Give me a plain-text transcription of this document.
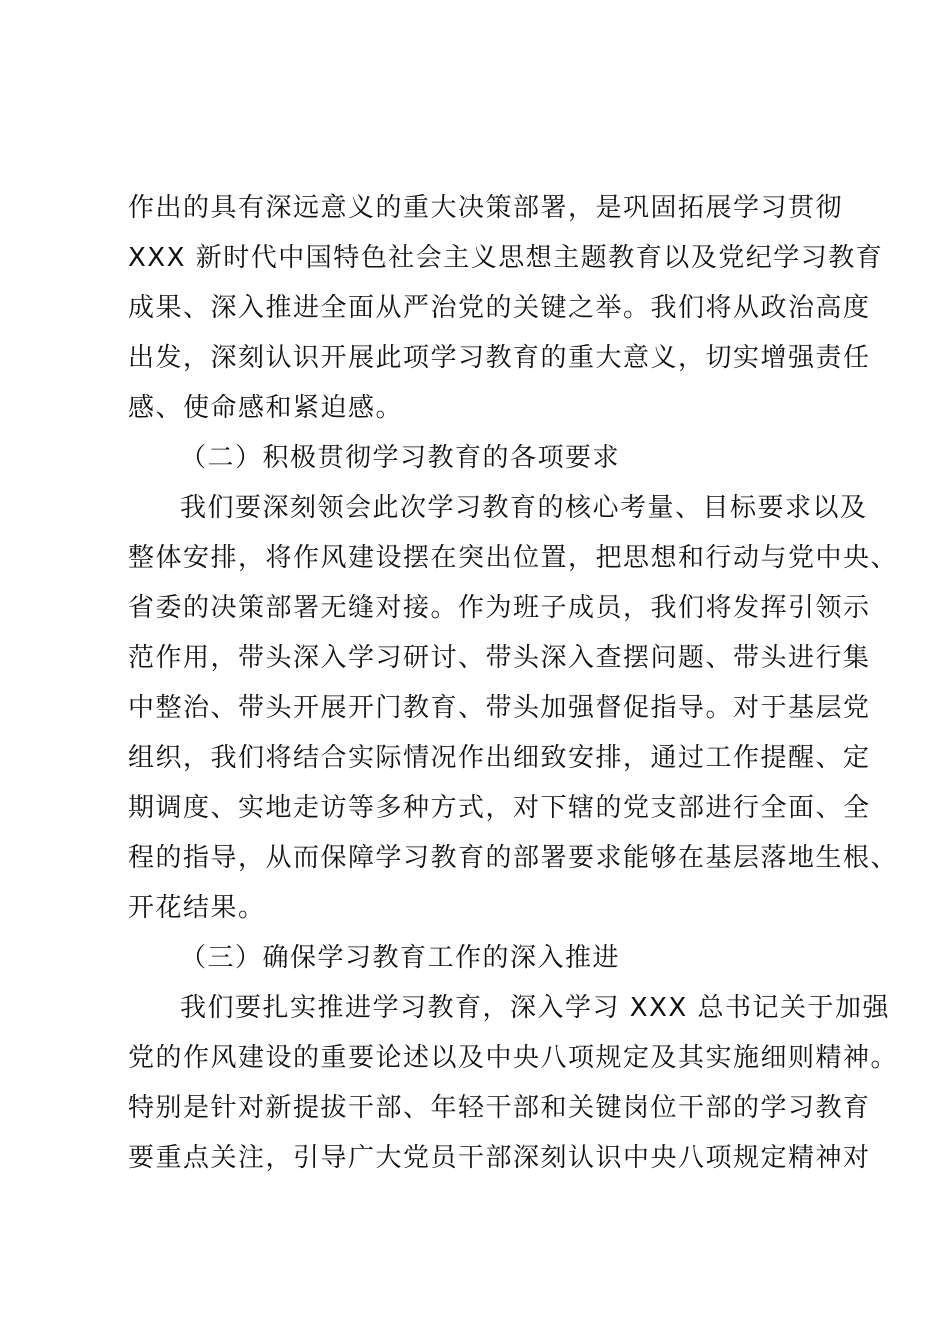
作出的具有深远意义的重大决策部署，是巩固拓展学习贯彻
XXX 新时代中国特色社会主义思想主题教育以及党纪学习教育
成果、深入推进全面从严治党的关键之举。我们将从政治高度
出发，深刻认识开展此项学习教育的重大意义，切实增强责任
感、使命感和紧迫感。
（二）积极贯彻学习教育的各项要求
我们要深刻领会此次学习教育的核心考量、目标要求以及
整体安排，将作风建设摆在突出位置，把思想和行动与党中央、
省委的决策部署无缝对接。作为班子成员，我们将发挥引领示
范作用，带头深入学习研讨、带头深入查摆问题、带头进行集
中整治、带头开展开门教育、带头加强督促指导。对于基层党
组织，我们将结合实际情况作出细致安排，通过工作提醒、定
期调度、实地走访等多种方式，对下辖的党支部进行全面、全
程的指导，从而保障学习教育的部署要求能够在基层落地生根、
开花结果。
（三）确保学习教育工作的深入推进
我们要扎实推进学习教育，深入学习 XXX 总书记关于加强
党的作风建设的重要论述以及中央八项规定及其实施细则精神。
特别是针对新提拔干部、年轻干部和关键岗位干部的学习教育
要重点关注，引导广大党员干部深刻认识中央八项规定精神对
